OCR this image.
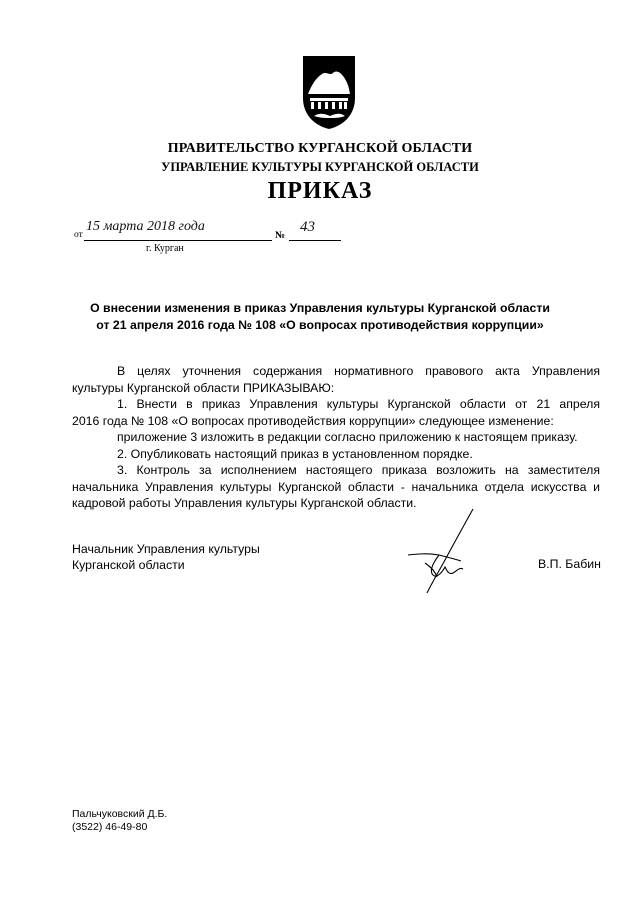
ПРАВИТЕЛЬСТВО КУРГАНСКОЙ ОБЛАСТИ
УПРАВЛЕНИЕ КУЛЬТУРЫ КУРГАНСКОЙ ОБЛАСТИ
ПРИКАЗ
от
15 марта 2018 года
№
43
г. Курган
О внесении изменения в приказ Управления культуры Курганской области
от 21 апреля 2016 года № 108 «О вопросах противодействия коррупции»

В целях уточнения содержания нормативного правового акта Управления

культуры Курганской области ПРИКАЗЫВАЮ:

1. Внести в приказ Управления культуры Курганской области от 21 апреля

2016 года № 108 «О вопросах противодействия коррупции» следующее изменение:

приложение 3 изложить в редакции согласно приложению к настоящем приказу.

2. Опубликовать настоящий приказ в установленном порядке.

3. Контроль за исполнением настоящего приказа возложить на заместителя

начальника Управления культуры Курганской области - начальника отдела искусства и

кадровой работы Управления культуры Курганской области.

Начальник Управления культуры
Курганской области	В.П. Бабин
Пальчуковский Д.Б.
(3522) 46-49-80
